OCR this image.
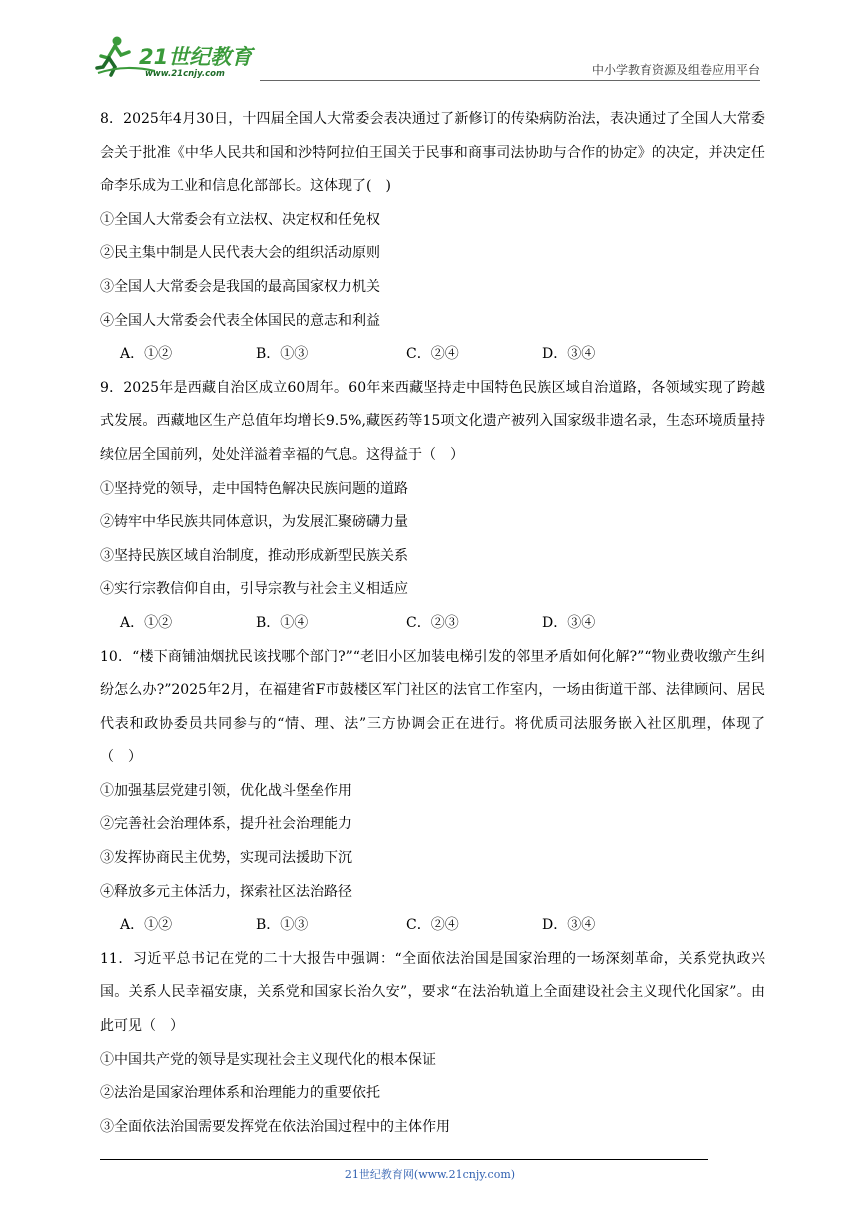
21世纪教育
www.21cnjy.com	中小学教育资源及组卷应用平台

8．2025年4月30日，十四届全国人大常委会表决通过了新修订的传染病防治法，表决通过了全国人大常委会关于批准《中华人民共和国和沙特阿拉伯王国关于民事和商事司法协助与合作的协定》的决定，并决定任命李乐成为工业和信息化部部长。这体现了(　)

①全国人大常委会有立法权、决定权和任免权

②民主集中制是人民代表大会的组织活动原则

③全国人大常委会是我国的最高国家权力机关

④全国人大常委会代表全体国民的意志和利益

A．①②	B．①③	C．②④	D．③④

9．2025年是西藏自治区成立60周年。60年来西藏坚持走中国特色民族区域自治道路，各领域实现了跨越式发展。西藏地区生产总值年均增长9.5%,藏医药等15项文化遗产被列入国家级非遗名录，生态环境质量持续位居全国前列，处处洋溢着幸福的气息。这得益于（　）

①坚持党的领导，走中国特色解决民族问题的道路

②铸牢中华民族共同体意识，为发展汇聚磅礴力量

③坚持民族区域自治制度，推动形成新型民族关系

④实行宗教信仰自由，引导宗教与社会主义相适应

A．①②	B．①④	C．②③	D．③④

10．“楼下商铺油烟扰民该找哪个部门?”“老旧小区加装电梯引发的邻里矛盾如何化解?”“物业费收缴产生纠纷怎么办?”2025年2月，在福建省F市鼓楼区军门社区的法官工作室内，一场由街道干部、法律顾问、居民代表和政协委员共同参与的“情、理、法”三方协调会正在进行。将优质司法服务嵌入社区肌理，体现了（　）

①加强基层党建引领，优化战斗堡垒作用

②完善社会治理体系，提升社会治理能力

③发挥协商民主优势，实现司法援助下沉

④释放多元主体活力，探索社区法治路径

A．①②	B．①③	C．②④	D．③④

11．习近平总书记在党的二十大报告中强调：“全面依法治国是国家治理的一场深刻革命，关系党执政兴国。关系人民幸福安康，关系党和国家长治久安”，要求“在法治轨道上全面建设社会主义现代化国家”。由此可见（　）

①中国共产党的领导是实现社会主义现代化的根本保证

②法治是国家治理体系和治理能力的重要依托

③全面依法治国需要发挥党在依法治国过程中的主体作用

21世纪教育网(www.21cnjy.com)
